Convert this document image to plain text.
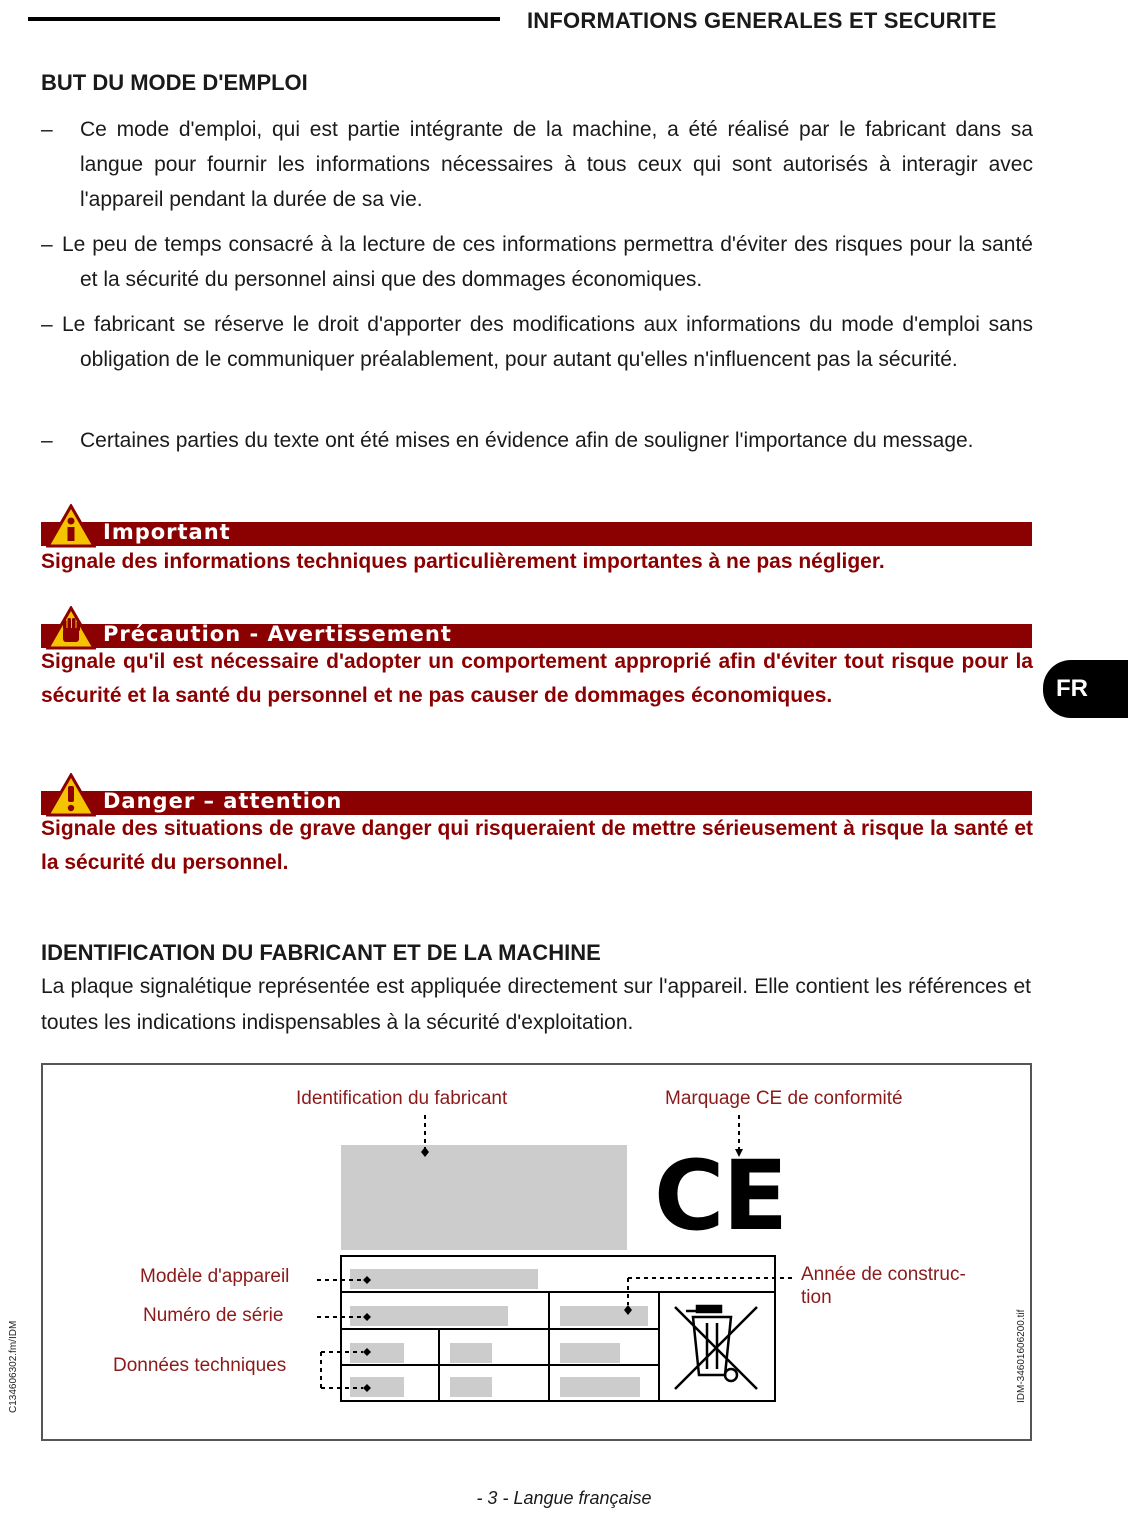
INFORMATIONS GENERALES ET SECURITE
BUT DU MODE D'EMPLOI
–	Ce mode d'emploi, qui est partie intégrante de la machine, a été réalisé par le fabricant dans sa langue pour fournir les informations nécessaires à tous ceux qui sont autorisés à interagir avec l'appareil pendant la durée de sa vie.
– Le peu de temps consacré à la lecture de ces informations permettra d'éviter des risques pour la santé et la sécurité du personnel ainsi que des dommages économiques.
– Le fabricant se réserve le droit d'apporter des modifications aux informations du mode d'emploi sans obligation de le communiquer préalablement, pour autant qu'elles n'influencent pas la sécurité.
–	Certaines parties du texte ont été mises en évidence afin de souligner l'importance du message.
Important
Signale des informations techniques particulièrement importantes à ne pas négliger.
Précaution - Avertissement
Signale qu'il est nécessaire d'adopter un comportement approprié afin d'éviter tout risque pour la sécurité et la santé du personnel et ne pas causer de dommages économiques.
Danger – attention
Signale des situations de grave danger qui risqueraient de mettre sérieusement à risque la santé et la sécurité du personnel.
FR
IDENTIFICATION DU FABRICANT ET DE LA MACHINE
La plaque signalétique représentée est appliquée directement sur l'appareil. Elle contient les références et toutes les indications indispensables à la sécurité d'exploitation.
Identification du fabricant	Marquage CE de conformité
CE
Modèle d'appareil
Numéro de série
Données techniques
Année de construc-
tion
C134606302.fm/IDM	IDM-34601606200.tif
- 3 - Langue française
